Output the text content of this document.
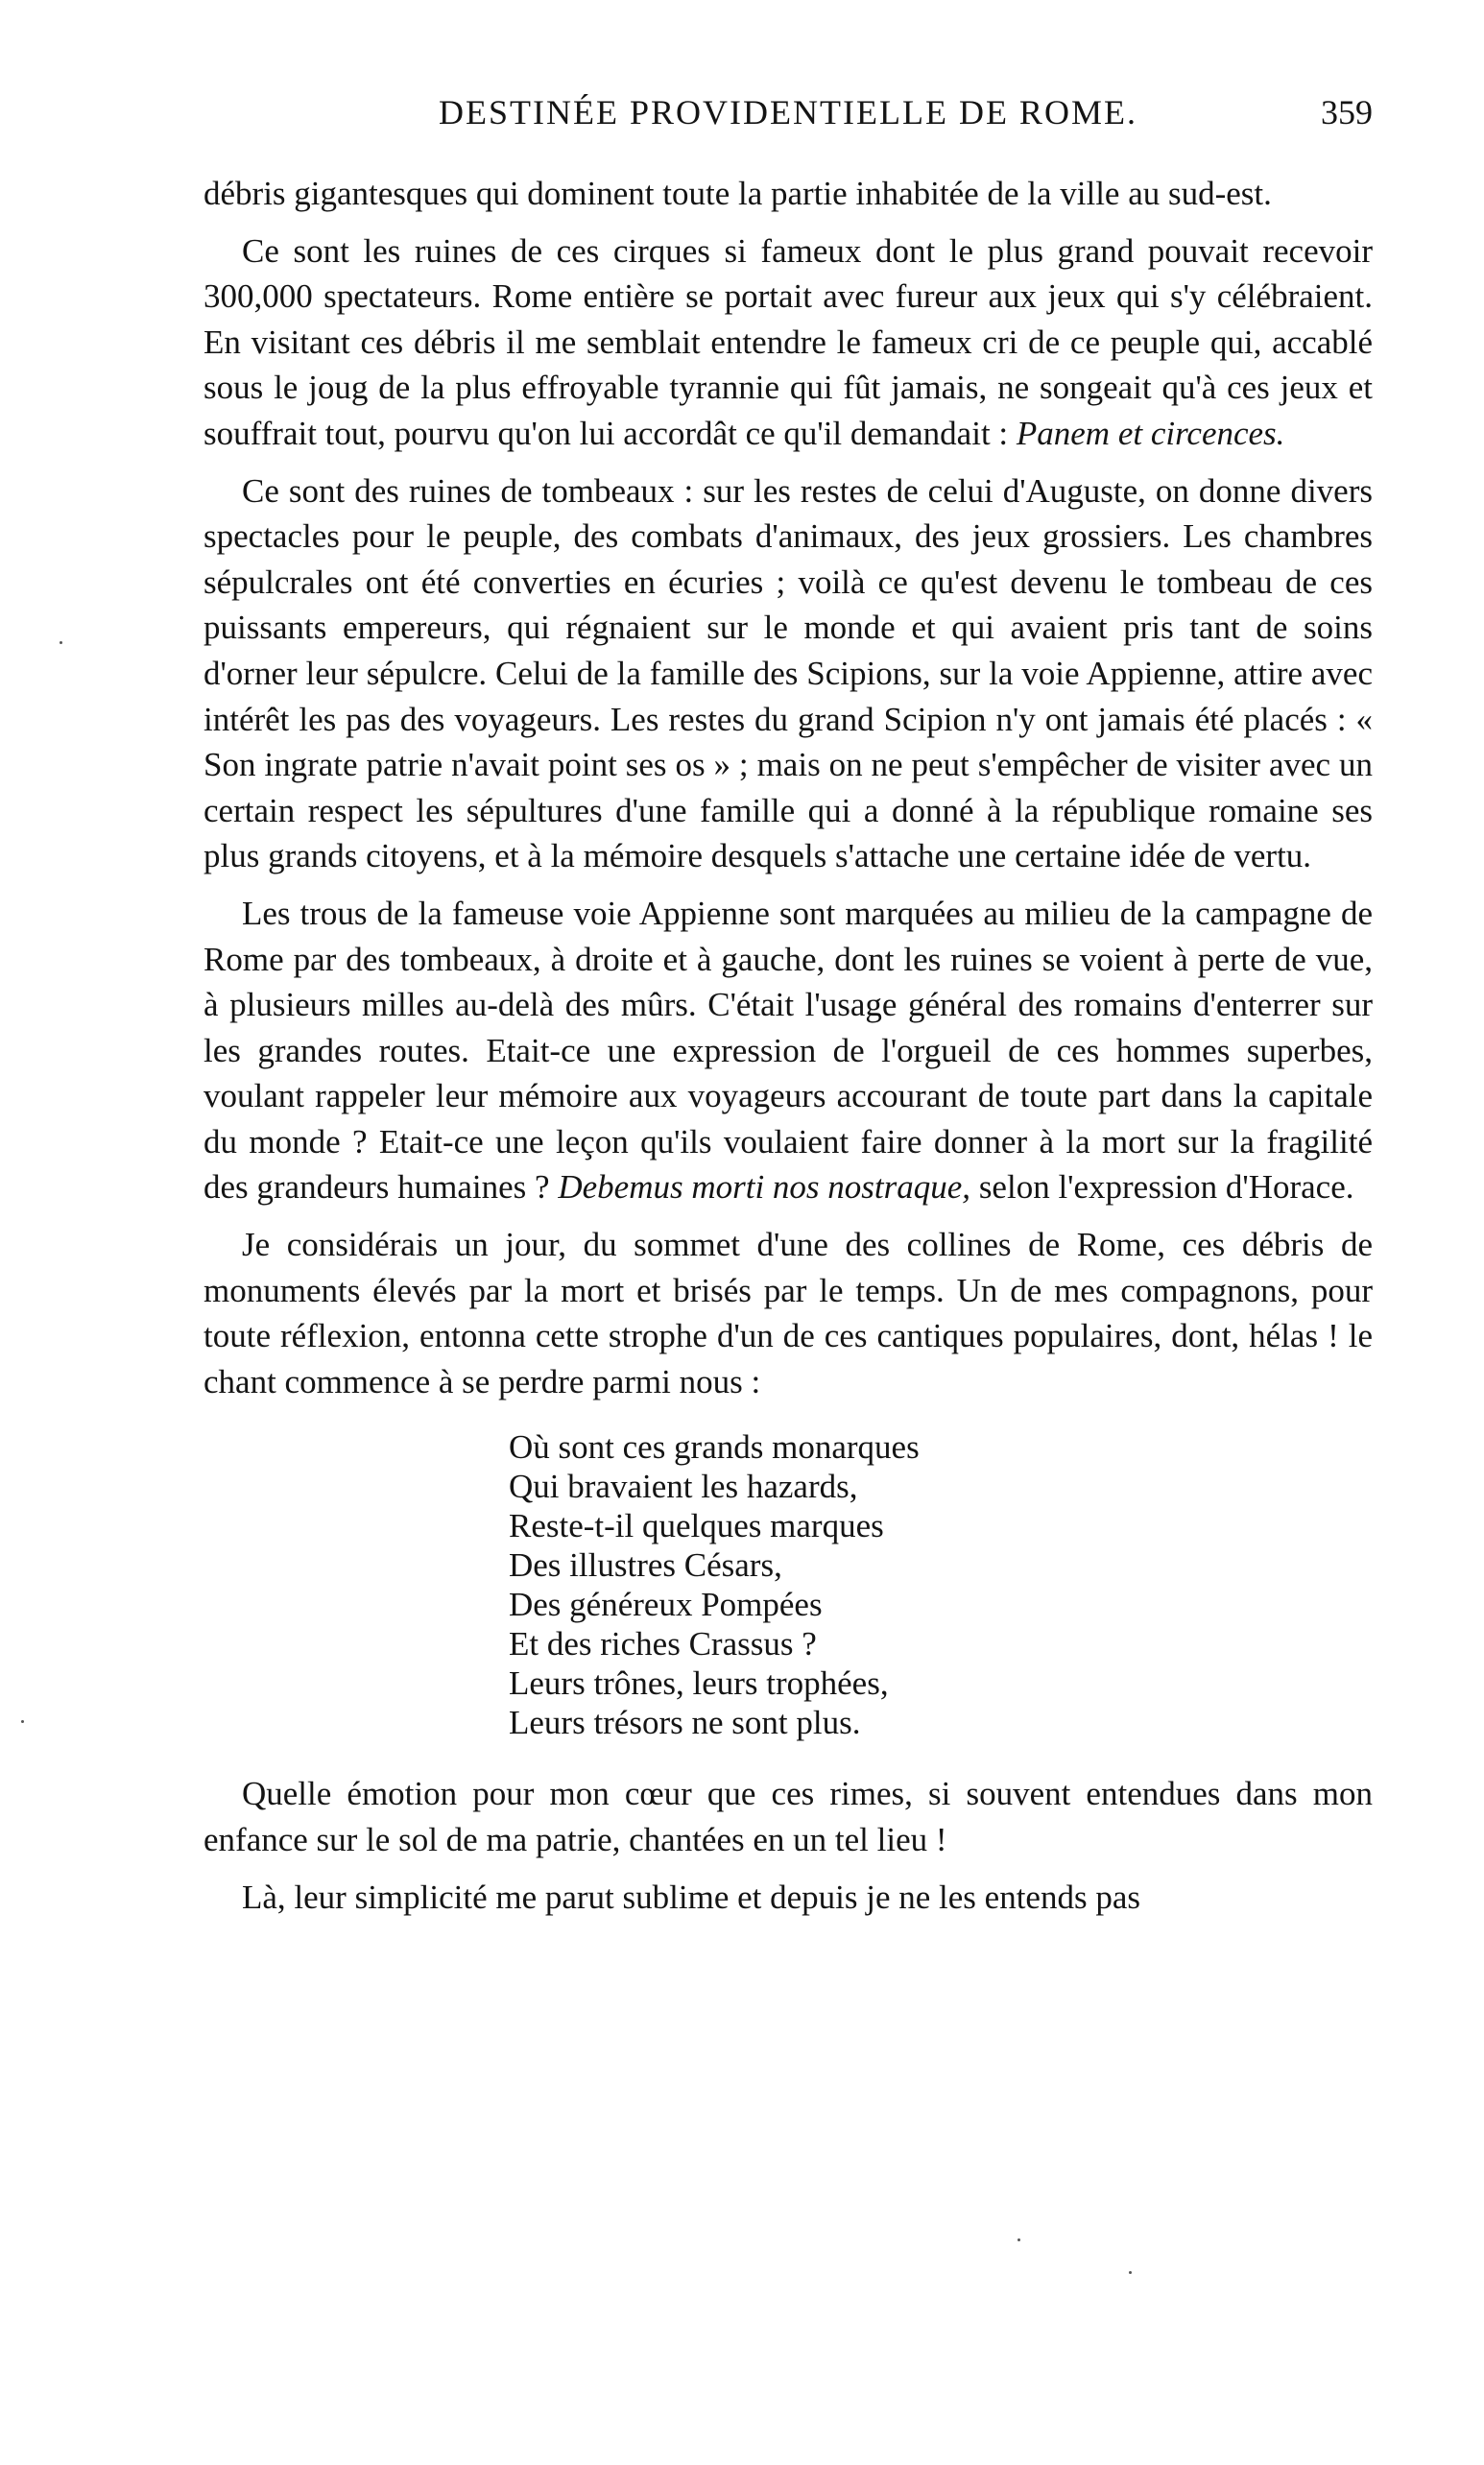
DESTINÉE PROVIDENTIELLE DE ROME.	359

débris gigantesques qui dominent toute la partie inhabitée de la ville au sud-est.

Ce sont les ruines de ces cirques si fameux dont le plus grand pouvait recevoir 300,000 spectateurs. Rome entière se portait avec fureur aux jeux qui s'y célébraient. En visitant ces débris il me semblait entendre le fameux cri de ce peuple qui, accablé sous le joug de la plus effroyable tyrannie qui fût jamais, ne songeait qu'à ces jeux et souffrait tout, pourvu qu'on lui accordât ce qu'il demandait : Panem et circences.

Ce sont des ruines de tombeaux : sur les restes de celui d'Auguste, on donne divers spectacles pour le peuple, des combats d'animaux, des jeux grossiers. Les chambres sépulcrales ont été converties en écuries ; voilà ce qu'est devenu le tombeau de ces puissants empereurs, qui régnaient sur le monde et qui avaient pris tant de soins d'orner leur sépulcre. Celui de la famille des Scipions, sur la voie Appienne, attire avec intérêt les pas des voyageurs. Les restes du grand Scipion n'y ont jamais été placés : « Son ingrate patrie n'avait point ses os » ; mais on ne peut s'empêcher de visiter avec un certain respect les sépultures d'une famille qui a donné à la république romaine ses plus grands citoyens, et à la mémoire desquels s'attache une certaine idée de vertu.

Les trous de la fameuse voie Appienne sont marquées au milieu de la campagne de Rome par des tombeaux, à droite et à gauche, dont les ruines se voient à perte de vue, à plusieurs milles au-delà des mûrs. C'était l'usage général des romains d'enterrer sur les grandes routes. Etait-ce une expression de l'orgueil de ces hommes superbes, voulant rappeler leur mémoire aux voyageurs accourant de toute part dans la capitale du monde ? Etait-ce une leçon qu'ils voulaient faire donner à la mort sur la fragilité des grandeurs humaines ? Debemus morti nos nostraque, selon l'expression d'Horace.

Je considérais un jour, du sommet d'une des collines de Rome, ces débris de monuments élevés par la mort et brisés par le temps. Un de mes compagnons, pour toute réflexion, entonna cette strophe d'un de ces cantiques populaires, dont, hélas ! le chant commence à se perdre parmi nous :

Où sont ces grands monarques
Qui bravaient les hazards,
Reste-t-il quelques marques
Des illustres Césars,
Des généreux Pompées
Et des riches Crassus ?
Leurs trônes, leurs trophées,
Leurs trésors ne sont plus.

Quelle émotion pour mon cœur que ces rimes, si souvent entendues dans mon enfance sur le sol de ma patrie, chantées en un tel lieu !

Là, leur simplicité me parut sublime et depuis je ne les entends pas
